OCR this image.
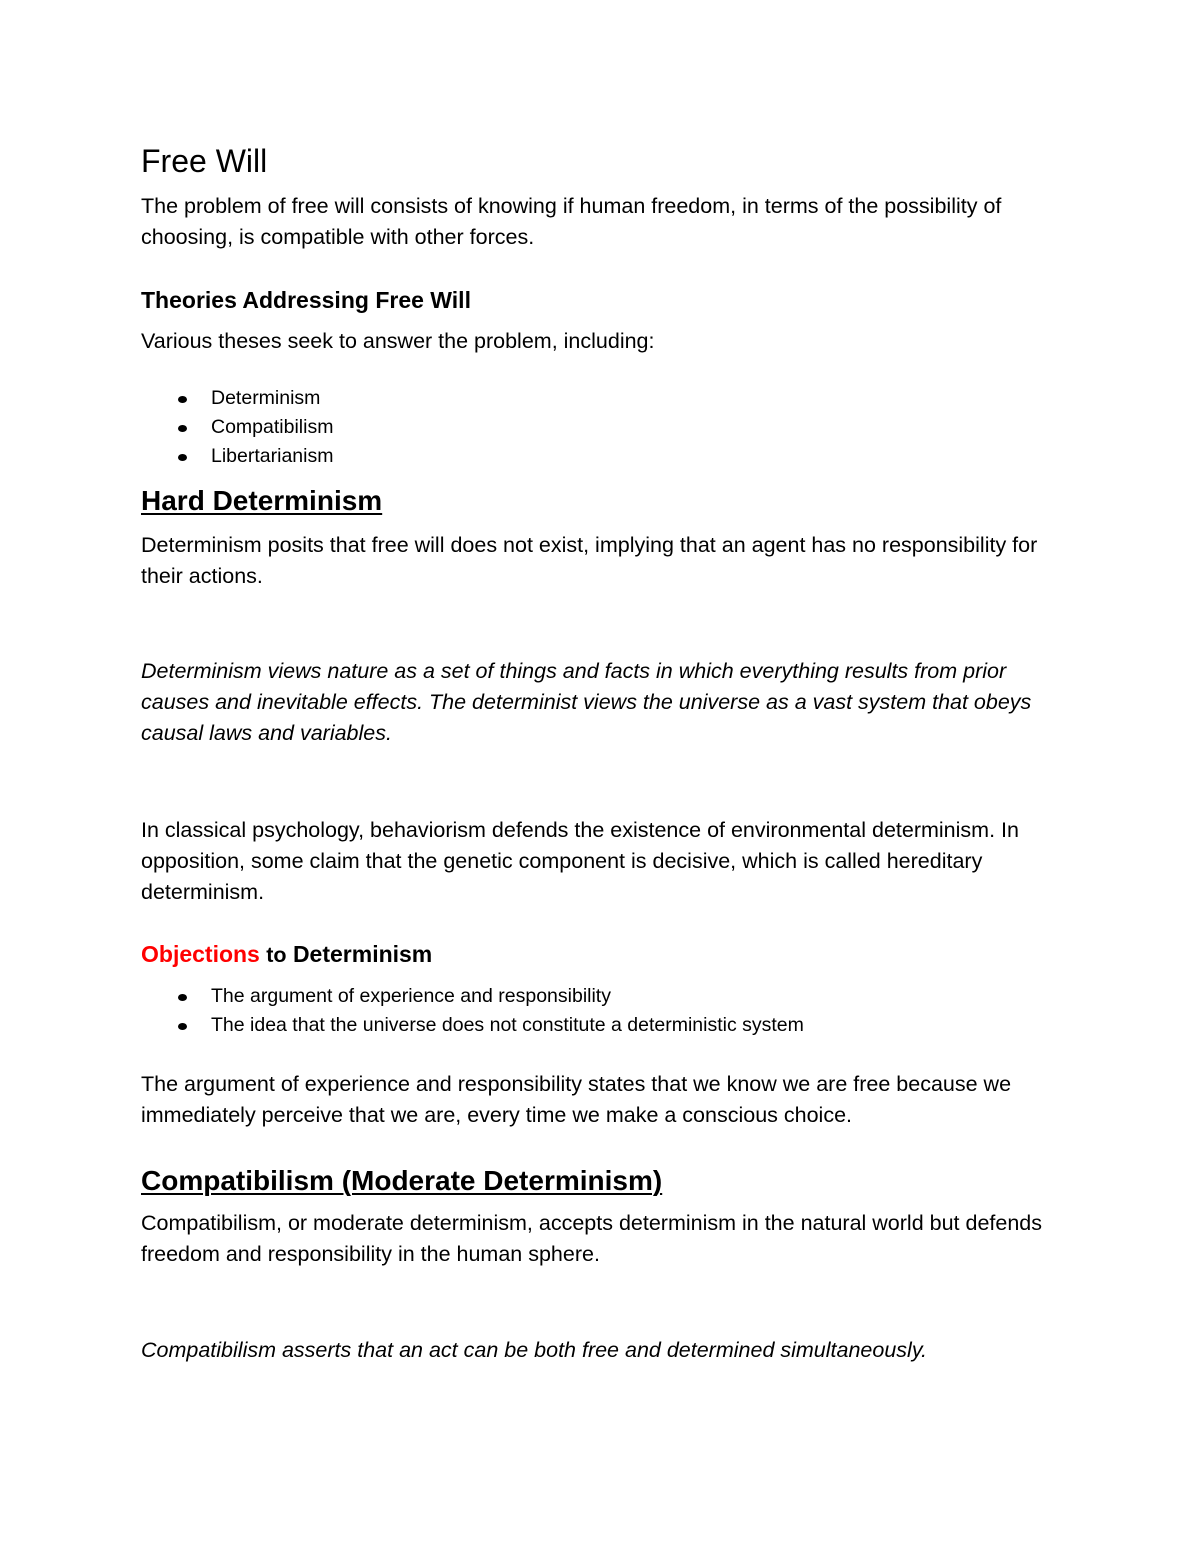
Free Will

The problem of free will consists of knowing if human freedom, in terms of the possibility of choosing, is compatible with other forces.

Theories Addressing Free Will

Various theses seek to answer the problem, including:

Determinism
Compatibilism
Libertarianism
Hard Determinism

Determinism posits that free will does not exist, implying that an agent has no responsibility for their actions.

Determinism views nature as a set of things and facts in which everything results from prior causes and inevitable effects. The determinist views the universe as a vast system that obeys causal laws and variables.

In classical psychology, behaviorism defends the existence of environmental determinism. In opposition, some claim that the genetic component is decisive, which is called hereditary determinism.

Objections to Determinism
The argument of experience and responsibility
The idea that the universe does not constitute a deterministic system

The argument of experience and responsibility states that we know we are free because we immediately perceive that we are, every time we make a conscious choice.

Compatibilism (Moderate Determinism)

Compatibilism, or moderate determinism, accepts determinism in the natural world but defends freedom and responsibility in the human sphere.

Compatibilism asserts that an act can be both free and determined simultaneously.
